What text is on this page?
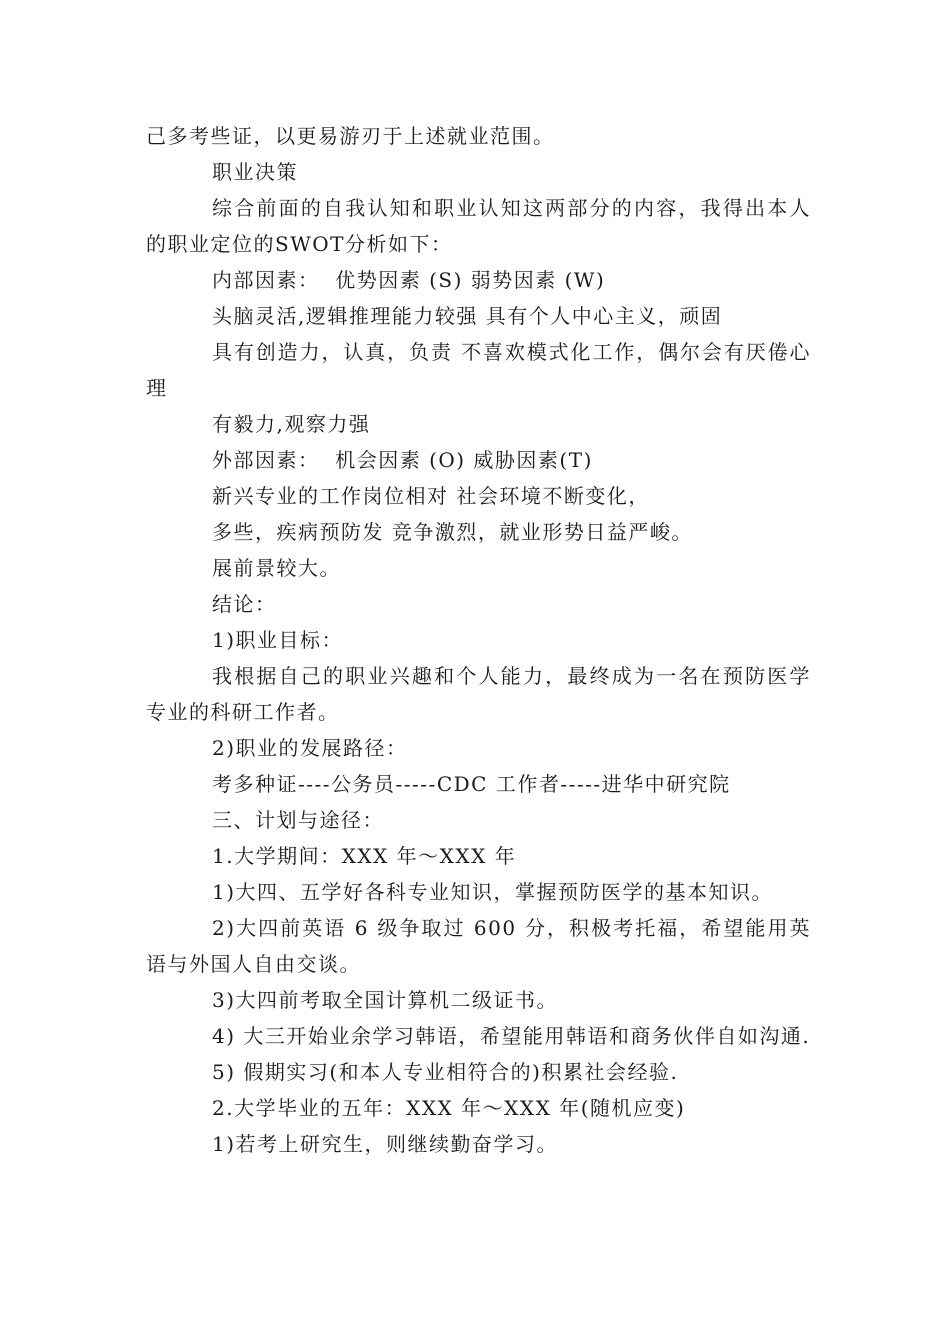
己多考些证，以更易游刃于上述就业范围。

职业决策

综合前面的自我认知和职业认知这两部分的内容，我得出本人的职业定位的SWOT分析如下：

内部因素：  优势因素 (S) 弱势因素 (W)

头脑灵活,逻辑推理能力较强 具有个人中心主义，顽固

具有创造力，认真，负责 不喜欢模式化工作，偶尔会有厌倦心理

有毅力,观察力强

外部因素：  机会因素 (O) 威胁因素(T)

新兴专业的工作岗位相对 社会环境不断变化，

多些，疾病预防发 竞争激烈，就业形势日益严峻。

展前景较大。

结论：

1)职业目标：

我根据自己的职业兴趣和个人能力，最终成为一名在预防医学专业的科研工作者。

2)职业的发展路径：

考多种证----公务员-----CDC 工作者-----进华中研究院

三、计划与途径：

1.大学期间：XXX 年～XXX 年

1)大四、五学好各科专业知识，掌握预防医学的基本知识。

2)大四前英语 6 级争取过 600 分，积极考托福，希望能用英语与外国人自由交谈。

3)大四前考取全国计算机二级证书。

4) 大三开始业余学习韩语，希望能用韩语和商务伙伴自如沟通.

5) 假期实习(和本人专业相符合的)积累社会经验.

2.大学毕业的五年：XXX 年～XXX 年(随机应变)

1)若考上研究生，则继续勤奋学习。
